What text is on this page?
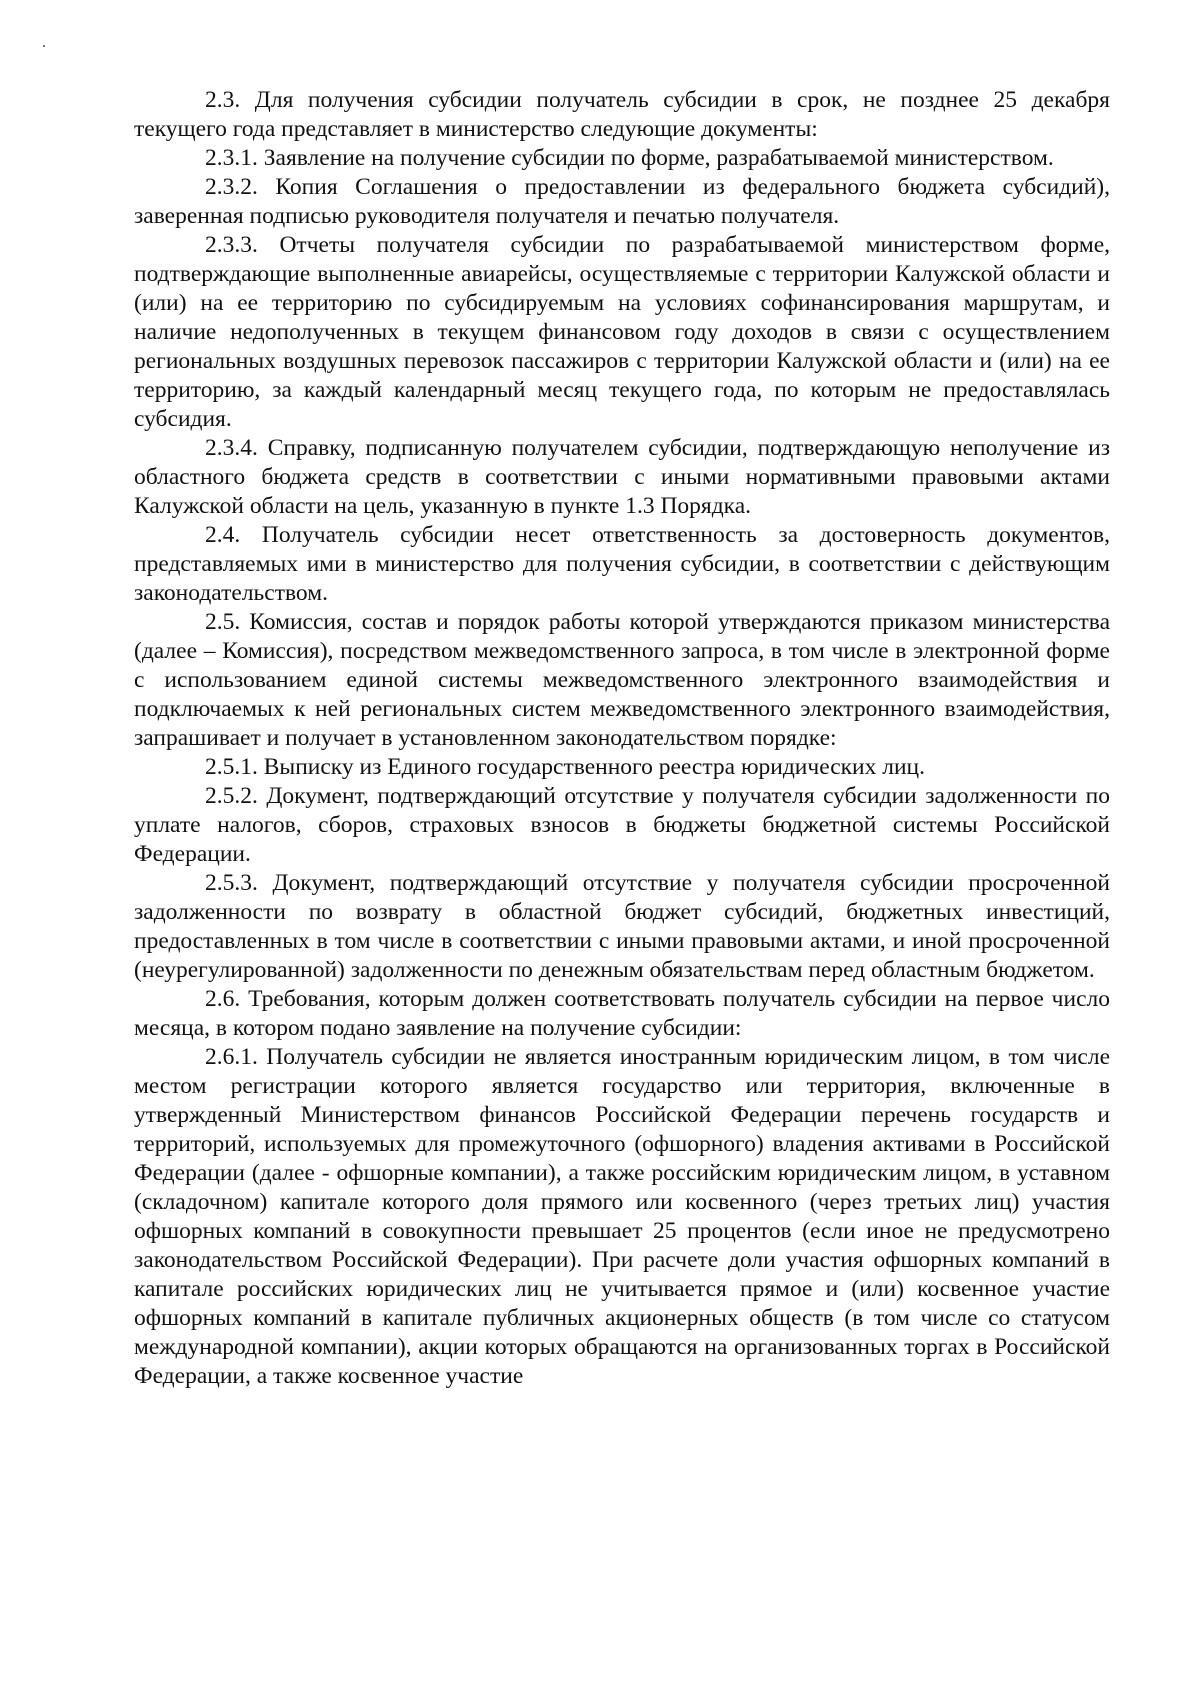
2.3. Для получения субсидии получатель субсидии в срок, не позднее 25 декабря текущего года представляет в министерство следующие документы:

2.3.1. Заявление на получение субсидии по форме, разрабатываемой министерством.

2.3.2. Копия Соглашения о предоставлении из федерального бюджета субсидий), заверенная подписью руководителя получателя и печатью получателя.

2.3.3. Отчеты получателя субсидии по разрабатываемой министерством форме, подтверждающие выполненные авиарейсы, осуществляемые с территории Калужской области и (или) на ее территорию по субсидируемым на условиях софинансирования маршрутам, и наличие недополученных в текущем финансовом году доходов в связи с осуществлением региональных воздушных перевозок пассажиров с территории Калужской области и (или) на ее территорию, за каждый календарный месяц текущего года, по которым не предоставлялась субсидия.

2.3.4. Справку, подписанную получателем субсидии, подтверждающую неполучение из областного бюджета средств в соответствии с иными нормативными правовыми актами Калужской области на цель, указанную в пункте 1.3 Порядка.

2.4. Получатель субсидии несет ответственность за достоверность документов, представляемых ими в министерство для получения субсидии, в соответствии с действующим законодательством.

2.5. Комиссия, состав и порядок работы которой утверждаются приказом министерства (далее – Комиссия), посредством межведомственного запроса, в том числе в электронной форме с использованием единой системы межведомственного электронного взаимодействия и подключаемых к ней региональных систем межведомственного электронного взаимодействия, запрашивает и получает в установленном законодательством порядке:

2.5.1. Выписку из Единого государственного реестра юридических лиц.

2.5.2. Документ, подтверждающий отсутствие у получателя субсидии задолженности по уплате налогов, сборов, страховых взносов в бюджеты бюджетной системы Российской Федерации.

2.5.3. Документ, подтверждающий отсутствие у получателя субсидии просроченной задолженности по возврату в областной бюджет субсидий, бюджетных инвестиций, предоставленных в том числе в соответствии с иными правовыми актами, и иной просроченной (неурегулированной) задолженности по денежным обязательствам перед областным бюджетом.

2.6. Требования, которым должен соответствовать получатель субсидии на первое число месяца, в котором подано заявление на получение субсидии:

2.6.1. Получатель субсидии не является иностранным юридическим лицом, в том числе местом регистрации которого является государство или территория, включенные в утвержденный Министерством финансов Российской Федерации перечень государств и территорий, используемых для промежуточного (офшорного) владения активами в Российской Федерации (далее - офшорные компании), а также российским юридическим лицом, в уставном (складочном) капитале которого доля прямого или косвенного (через третьих лиц) участия офшорных компаний в совокупности превышает 25 процентов (если иное не предусмотрено законодательством Российской Федерации). При расчете доли участия офшорных компаний в капитале российских юридических лиц не учитывается прямое и (или) косвенное участие офшорных компаний в капитале публичных акционерных обществ (в том числе со статусом международной компании), акции которых обращаются на организованных торгах в Российской Федерации, а также косвенное участие
